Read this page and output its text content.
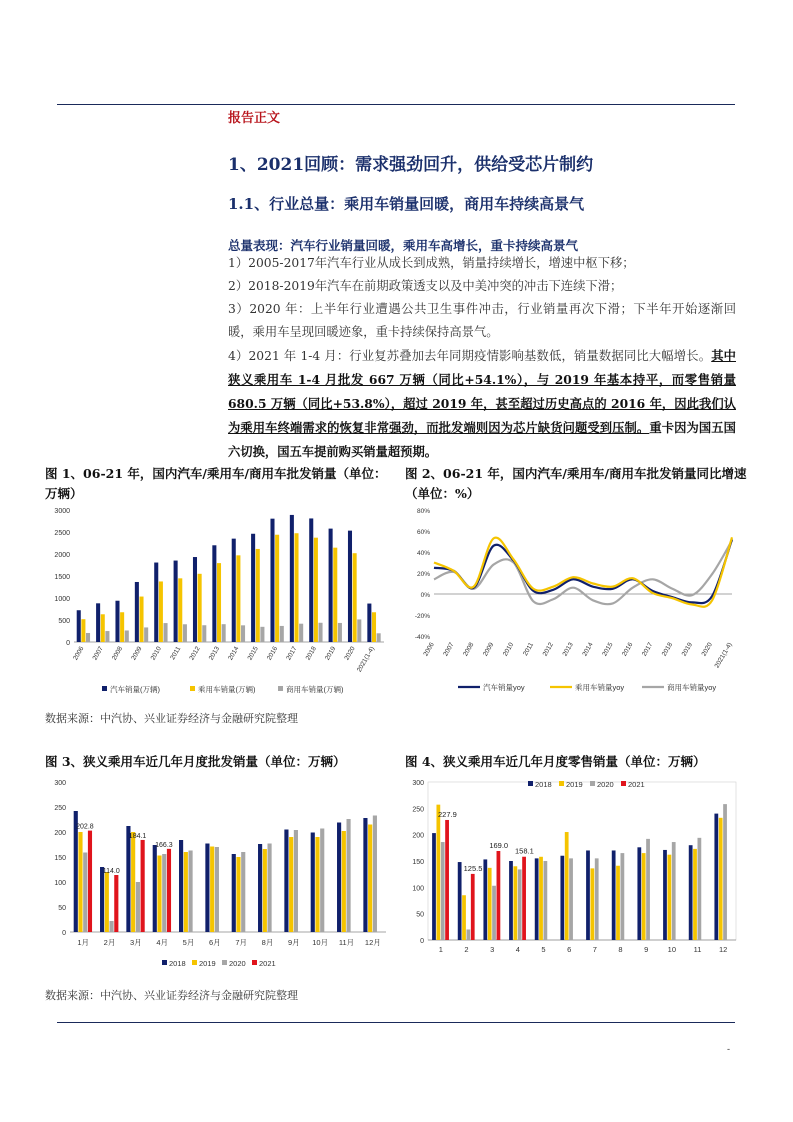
报告正文
1、2021回顾：需求强劲回升，供给受芯片制约
1.1、行业总量：乘用车销量回暖，商用车持续高景气
总量表现：汽车行业销量回暖，乘用车高增长，重卡持续高景气
1）2005-2017年汽车行业从成长到成熟，销量持续增长，增速中枢下移；
2）2018-2019年汽车在前期政策透支以及中美冲突的冲击下连续下滑；
3）2020 年：上半年行业遭遇公共卫生事件冲击，行业销量再次下滑；下半年开始逐渐回暖，乘用车呈现回暖迹象，重卡持续保持高景气。
4）2021 年 1-4 月：行业复苏叠加去年同期疫情影响基数低，销量数据同比大幅增长。其中狭义乘用车 1-4 月批发 667 万辆（同比+54.1%），与 2019 年基本持平，而零售销量 680.5 万辆（同比+53.8%），超过 2019 年，甚至超过历史高点的 2016 年，因此我们认为乘用车终端需求的恢复非常强劲，而批发端则因为芯片缺货问题受到压制。重卡因为国五国六切换，国五车提前购买销量超预期。
图 1、06-21 年，国内汽车/乘用车/商用车批发销量（单位：万辆）
图 2、06-21 年，国内汽车/乘用车/商用车批发销量同比增速（单位：%）
0
500
1000
1500
2000
2500
3000
2006 2007 2008 2009 2010 2011 2012 2013 2014 2015 2016 2017 2018 2019 2020 2021(1-4)
汽车销量(万辆)	乘用车销量(万辆)	商用车销量(万辆)
80%
60%
40%
20%
0%
-20%
-40%
2006 2007 2008 2009 2010 2011 2012 2013 2014 2015 2016 2017 2018 2019 2020 2021(1-4)
汽车销量yoy	乘用车销量yoy	商用车销量yoy
数据来源：中汽协、兴业证券经济与金融研究院整理
图 3、狭义乘用车近几年月度批发销量（单位：万辆）	图 4、狭义乘用车近几年月度零售销量（单位：万辆）
0
50
100
150
200
250
300
202.8
1月
114.0
2月
184.1
3月
166.3
4月 5月 6月 7月 8月 9月 10月 11月 12月
2018 2019 2020 2021
0
50
100
150
200
250
300
227.9
1
125.5
2
169.0
3
158.1
4	5	6	7	8	9	10 11 12
2018 2019 2020 2021
数据来源：中汽协、兴业证券经济与金融研究院整理
-
